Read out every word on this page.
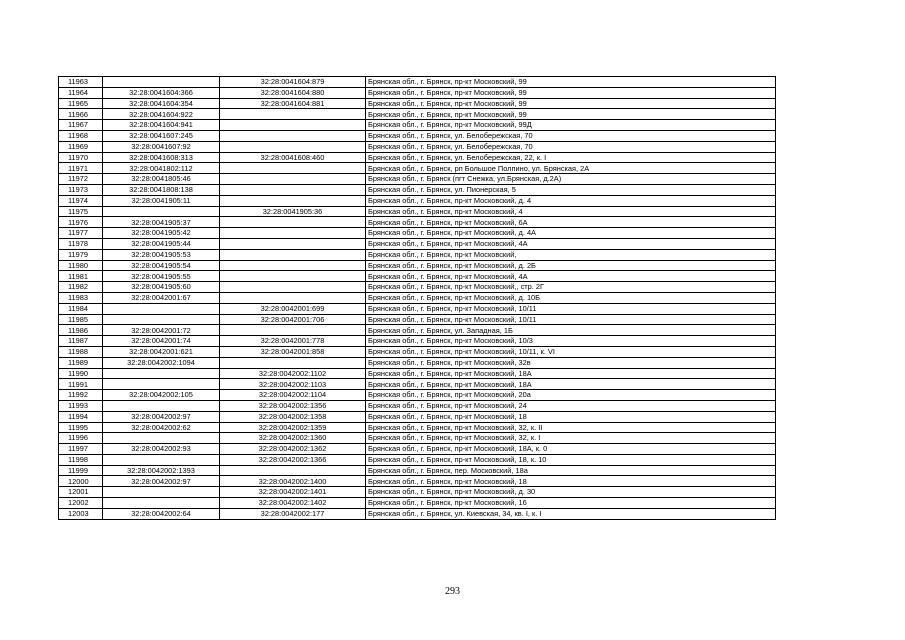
11963		32:28:0041604:879	Брянская обл., г. Брянск, пр-кт Московский, 99
11964	32:28:0041604:366	32:28:0041604:880	Брянская обл., г. Брянск, пр-кт Московский, 99
11965	32:28:0041604:354	32:28:0041604:881	Брянская обл., г. Брянск, пр-кт Московский, 99
11966	32:28:0041604:922		Брянская обл., г. Брянск, пр-кт Московский, 99
11967	32:28:0041604:941		Брянская обл., г. Брянск, пр-кт Московский, 99Д
11968	32:28:0041607:245		Брянская обл., г. Брянск, ул. Белобережская, 70
11969	32:28:0041607:92		Брянская обл., г. Брянск, ул. Белобережская, 70
11970	32:28:0041608:313	32:28:0041608:460	Брянская обл., г. Брянск, ул. Белобережская, 22, к. I
11971	32:28:0041802:112		Брянская обл., г. Брянск, рп Большое Полпино, ул. Брянская, 2А
11972	32:28:0041805:46		Брянская обл., г. Брянск (пгт Снежка, ул.Брянская, д.2А)
11973	32:28:0041808:138		Брянская обл., г. Брянск, ул. Пионерская, 5
11974	32:28:0041905:11		Брянская обл., г. Брянск, пр-кт Московский, д. 4
11975		32:28:0041905:36	Брянская обл., г. Брянск, пр-кт Московский, 4
11976	32:28:0041905:37		Брянская обл., г. Брянск, пр-кт Московский, 6А
11977	32:28:0041905:42		Брянская обл., г. Брянск, пр-кт Московский, д. 4А
11978	32:28:0041905:44		Брянская обл., г. Брянск, пр-кт Московский, 4А
11979	32:28:0041905:53		Брянская обл., г. Брянск, пр-кт Московский,
11980	32:28:0041905:54		Брянская обл., г. Брянск, пр-кт Московский, д. 2Б
11981	32:28:0041905:55		Брянская обл., г. Брянск, пр-кт Московский, 4А
11982	32:28:0041905:60		Брянская обл., г. Брянск, пр-кт Московский,, стр. 2Г
11983	32:28:0042001:67		Брянская обл., г. Брянск, пр-кт Московский, д. 10Б
11984		32:28:0042001:699	Брянская обл., г. Брянск, пр-кт Московский, 10/11
11985		32:28:0042001:706	Брянская обл., г. Брянск, пр-кт Московский, 10/11
11986	32:28:0042001:72		Брянская обл., г. Брянск, ул. Западная, 1Б
11987	32:28:0042001:74	32:28:0042001:778	Брянская обл., г. Брянск, пр-кт Московский, 10/3
11988	32:28:0042001:621	32:28:0042001:858	Брянская обл., г. Брянск, пр-кт Московский, 10/11, к. VI
11989	32:28:0042002:1094		Брянская обл., г. Брянск, пр-кт Московский, 32в
11990		32:28:0042002:1102	Брянская обл., г. Брянск, пр-кт Московский, 18А
11991		32:28:0042002:1103	Брянская обл., г. Брянск, пр-кт Московский, 18А
11992	32:28:0042002:105	32:28:0042002:1104	Брянская обл., г. Брянск, пр-кт Московский, 20а
11993		32:28:0042002:1356	Брянская обл., г. Брянск, пр-кт Московский, 24
11994	32:28:0042002:97	32:28:0042002:1358	Брянская обл., г. Брянск, пр-кт Московский, 18
11995	32:28:0042002:62	32:28:0042002:1359	Брянская обл., г. Брянск, пр-кт Московский, 32, к. II
11996		32:28:0042002:1360	Брянская обл., г. Брянск, пр-кт Московский, 32, к. I
11997	32:28:0042002:93	32:28:0042002:1362	Брянская обл., г. Брянск, пр-кт Московский, 18А, к. 0
11998		32:28:0042002:1366	Брянская обл., г. Брянск, пр-кт Московский, 18, к. 10
11999	32:28:0042002:1393		Брянская обл., г. Брянск, пер. Московский, 18а
12000	32:28:0042002:97	32:28:0042002:1400	Брянская обл., г. Брянск, пр-кт Московский, 18
12001		32:28:0042002:1401	Брянская обл., г. Брянск, пр-кт Московский, д. 30
12002		32:28:0042002:1402	Брянская обл., г. Брянск, пр-кт Московский, 16
12003	32:28:0042002:64	32:28:0042002:177	Брянская обл., г. Брянск, ул. Киевская, 34, кв. I, к. I
293
